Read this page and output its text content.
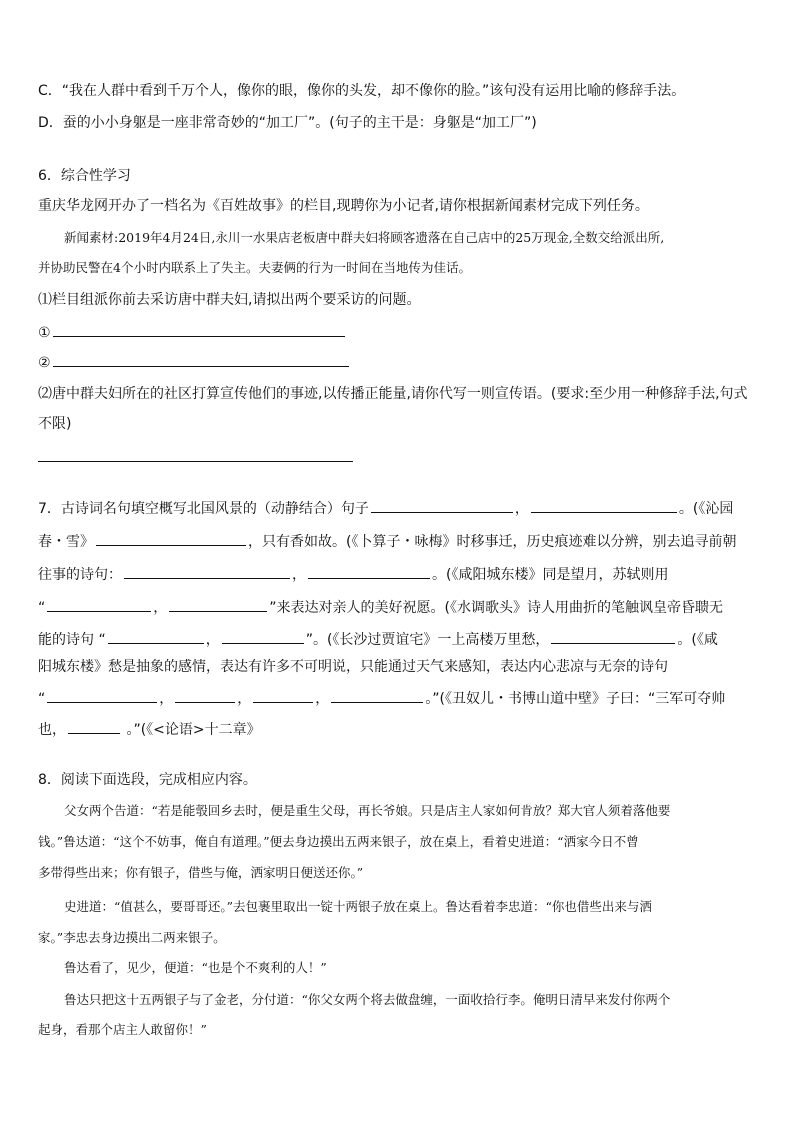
C．“我在人群中看到千万个人，像你的眼，像你的头发，却不像你的脸。”该句没有运用比喻的修辞手法。
D．蚕的小小身躯是一座非常奇妙的“加工厂”。(句子的主干是：身躯是“加工厂”)
6．综合性学习
重庆华龙网开办了一档名为《百姓故事》的栏目,现聘你为小记者,请你根据新闻素材完成下列任务。
新闻素材:2019年4月24日,永川一水果店老板唐中群夫妇将顾客遗落在自己店中的25万现金,全数交给派出所,
并协助民警在4个小时内联系上了失主。夫妻俩的行为一时间在当地传为佳话。
⑴栏目组派你前去采访唐中群夫妇,请拟出两个要采访的问题。
①
②
⑵唐中群夫妇所在的社区打算宣传他们的事迹,以传播正能量,请你代写一则宣传语。(要求:至少用一种修辞手法,句式
不限)
7．古诗词名句填空概写北国风景的（动静结合）句子	，	。(《沁园
春・雪》	，只有香如故。(《卜算子・咏梅》时移事迁，历史痕迹难以分辨，别去追寻前朝
往事的诗句：	，	。(《咸阳城东楼》同是望月，苏轼则用
“	，	”来表达对亲人的美好祝愿。(《水调歌头》诗人用曲折的笔触讽皇帝昏聩无
能的诗句 “	，	”。(《长沙过贾谊宅》一上高楼万里愁，	。(《咸
阳城东楼》愁是抽象的感情，表达有许多不可明说，只能通过天气来感知，表达内心悲凉与无奈的诗句
“	，	，	，	。”(《丑奴儿・书博山道中壁》子曰：“三军可夺帅
也，	。”(《<论语>十二章》
8．阅读下面选段，完成相应内容。
父女两个告道：“若是能彀回乡去时，便是重生父母，再长爷娘。只是店主人家如何肯放？郑大官人须着落他要
钱。”鲁达道：“这个不妨事，俺自有道理。”便去身边摸出五两来银子，放在桌上，看着史进道：“洒家今日不曾
多带得些出来；你有银子，借些与俺，洒家明日便送还你。”
史进道：“值甚么，要哥哥还。”去包裹里取出一锭十两银子放在桌上。鲁达看着李忠道：“你也借些出来与洒
家。”李忠去身边摸出二两来银子。
鲁达看了，见少，便道：“也是个不爽利的人！”
鲁达只把这十五两银子与了金老，分付道：“你父女两个将去做盘缠，一面收拾行李。俺明日清早来发付你两个
起身，看那个店主人敢留你！”
